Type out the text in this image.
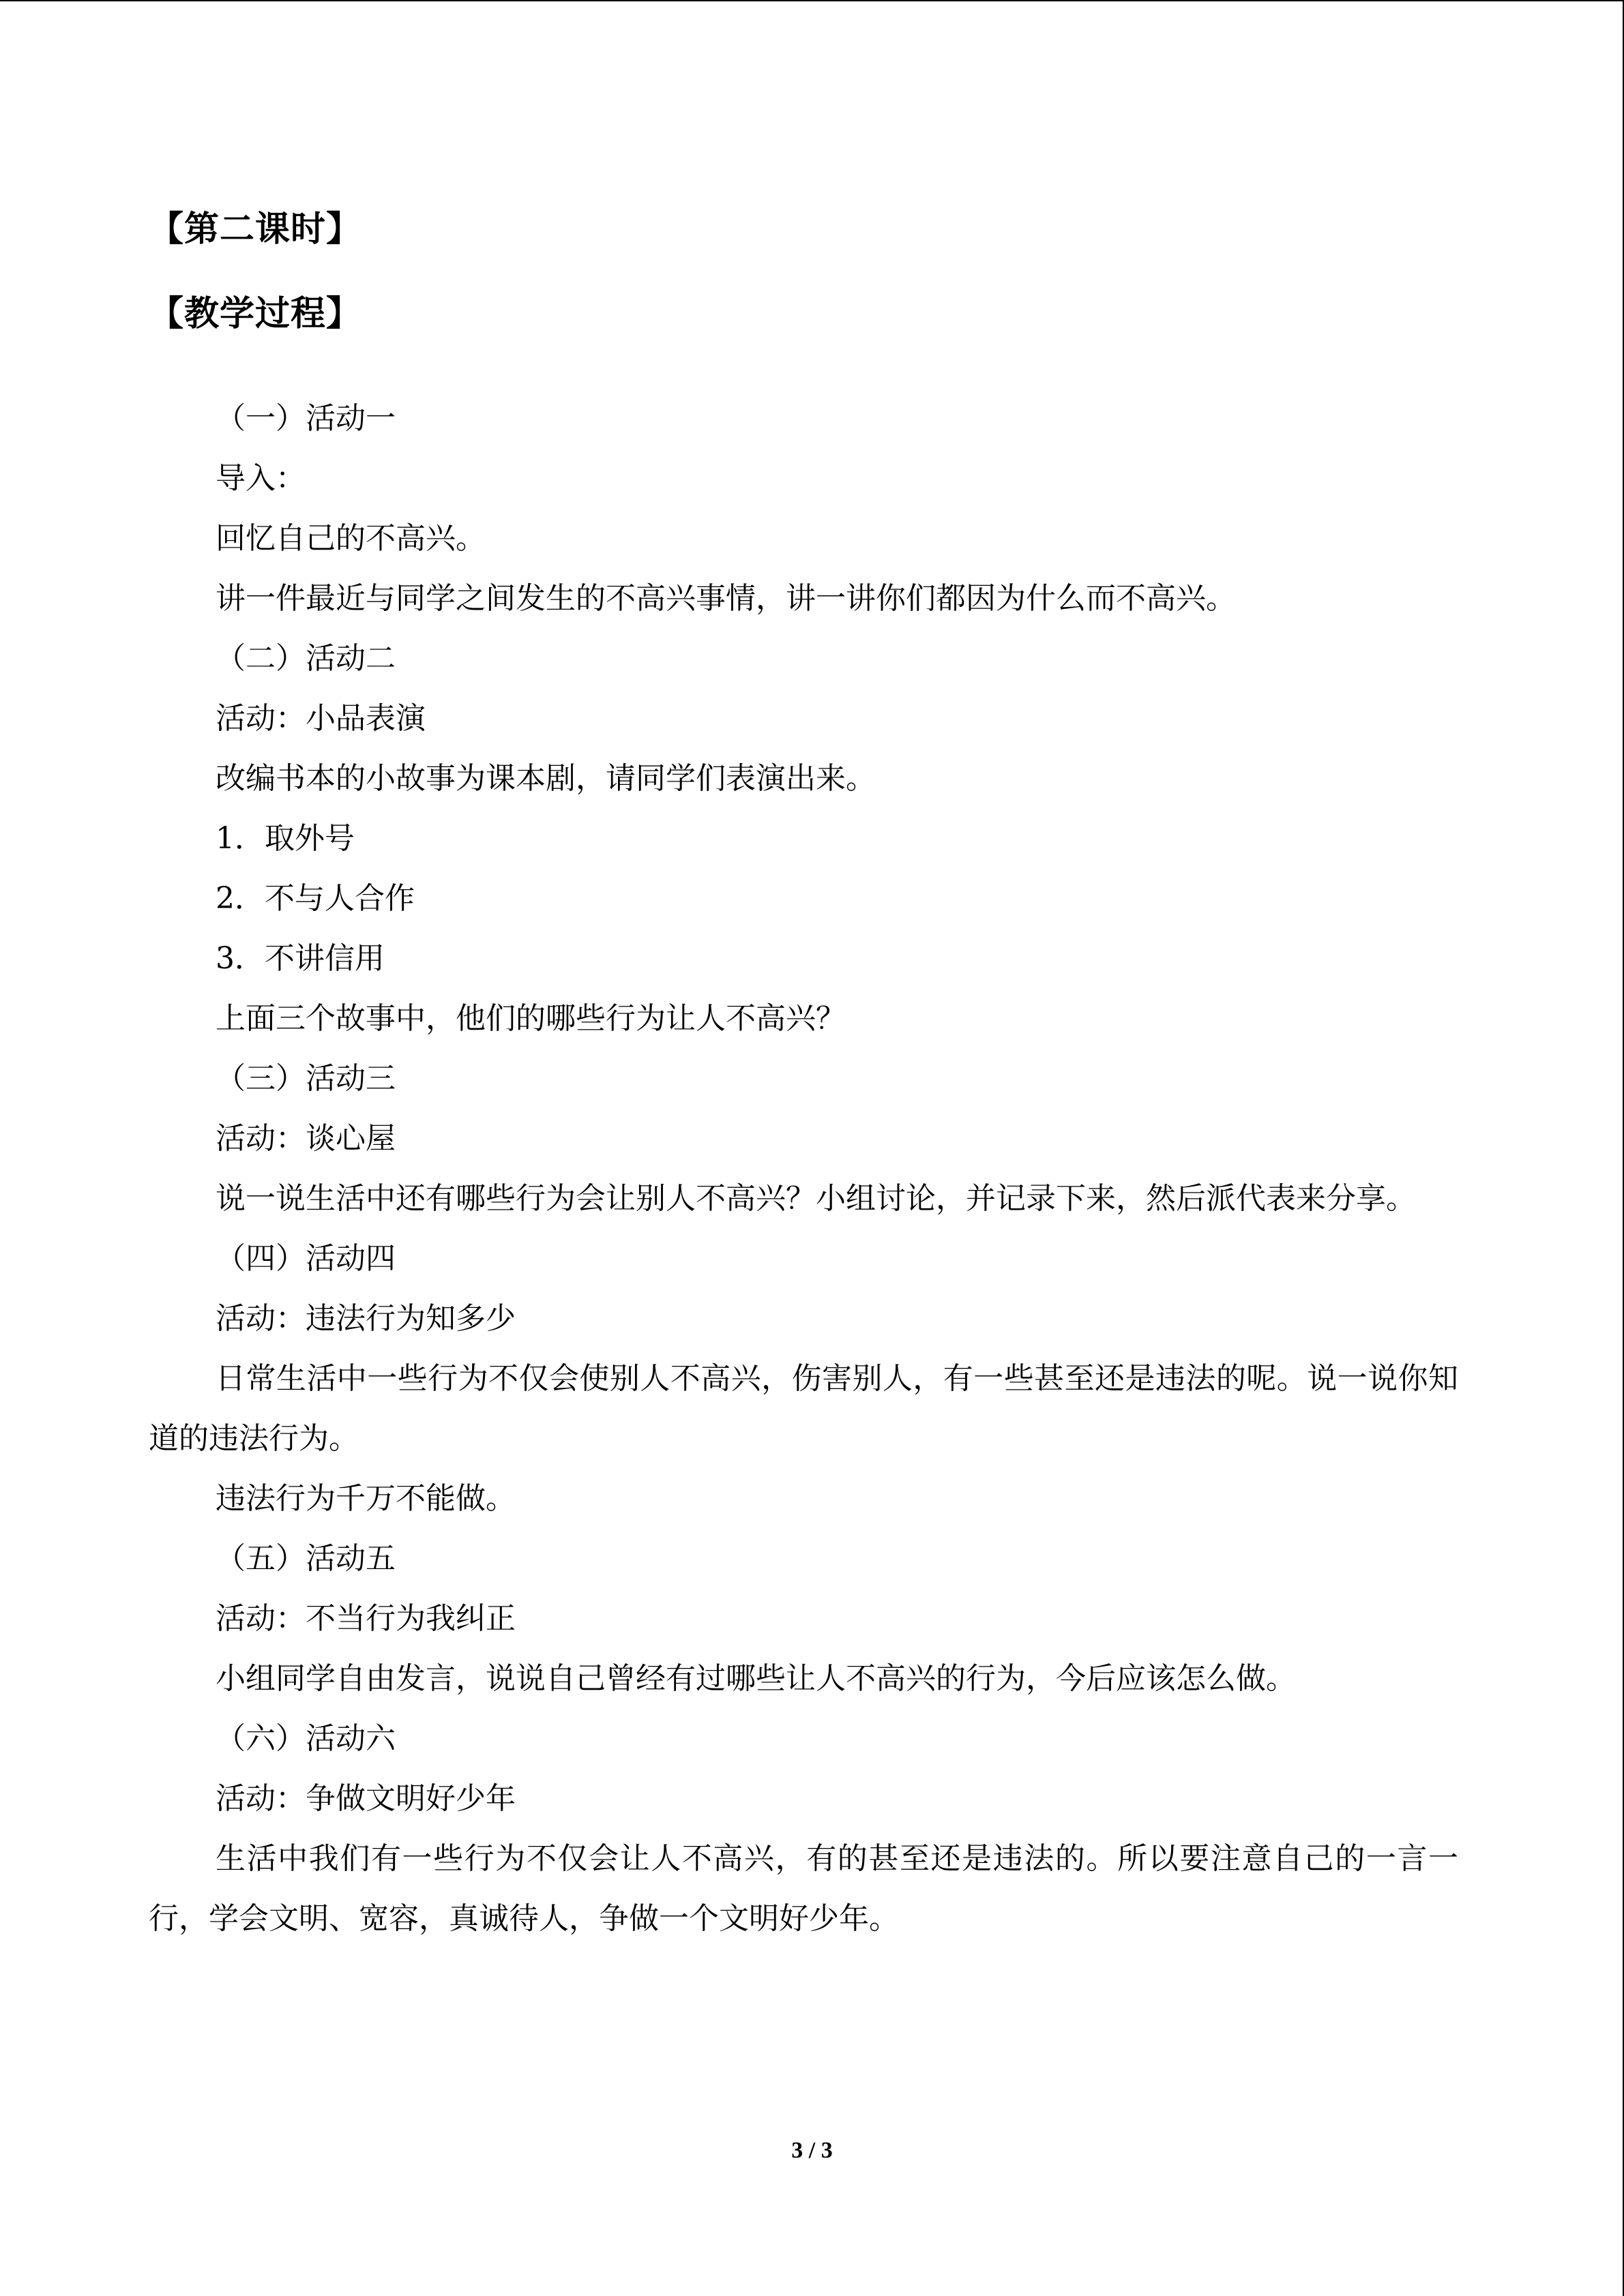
【第二课时】
【教学过程】

（一）活动一

导入：

回忆自己的不高兴。

讲一件最近与同学之间发生的不高兴事情，讲一讲你们都因为什么而不高兴。

（二）活动二

活动：小品表演

改编书本的小故事为课本剧，请同学们表演出来。

1．取外号

2．不与人合作

3．不讲信用

上面三个故事中，他们的哪些行为让人不高兴？

（三）活动三

活动：谈心屋

说一说生活中还有哪些行为会让别人不高兴？小组讨论，并记录下来，然后派代表来分享。

（四）活动四

活动：违法行为知多少

日常生活中一些行为不仅会使别人不高兴，伤害别人，有一些甚至还是违法的呢。说一说你知道的违法行为。

违法行为千万不能做。

（五）活动五

活动：不当行为我纠正

小组同学自由发言，说说自己曾经有过哪些让人不高兴的行为，今后应该怎么做。

（六）活动六

活动：争做文明好少年

生活中我们有一些行为不仅会让人不高兴，有的甚至还是违法的。所以要注意自己的一言一行，学会文明、宽容，真诚待人，争做一个文明好少年。

3 / 3
